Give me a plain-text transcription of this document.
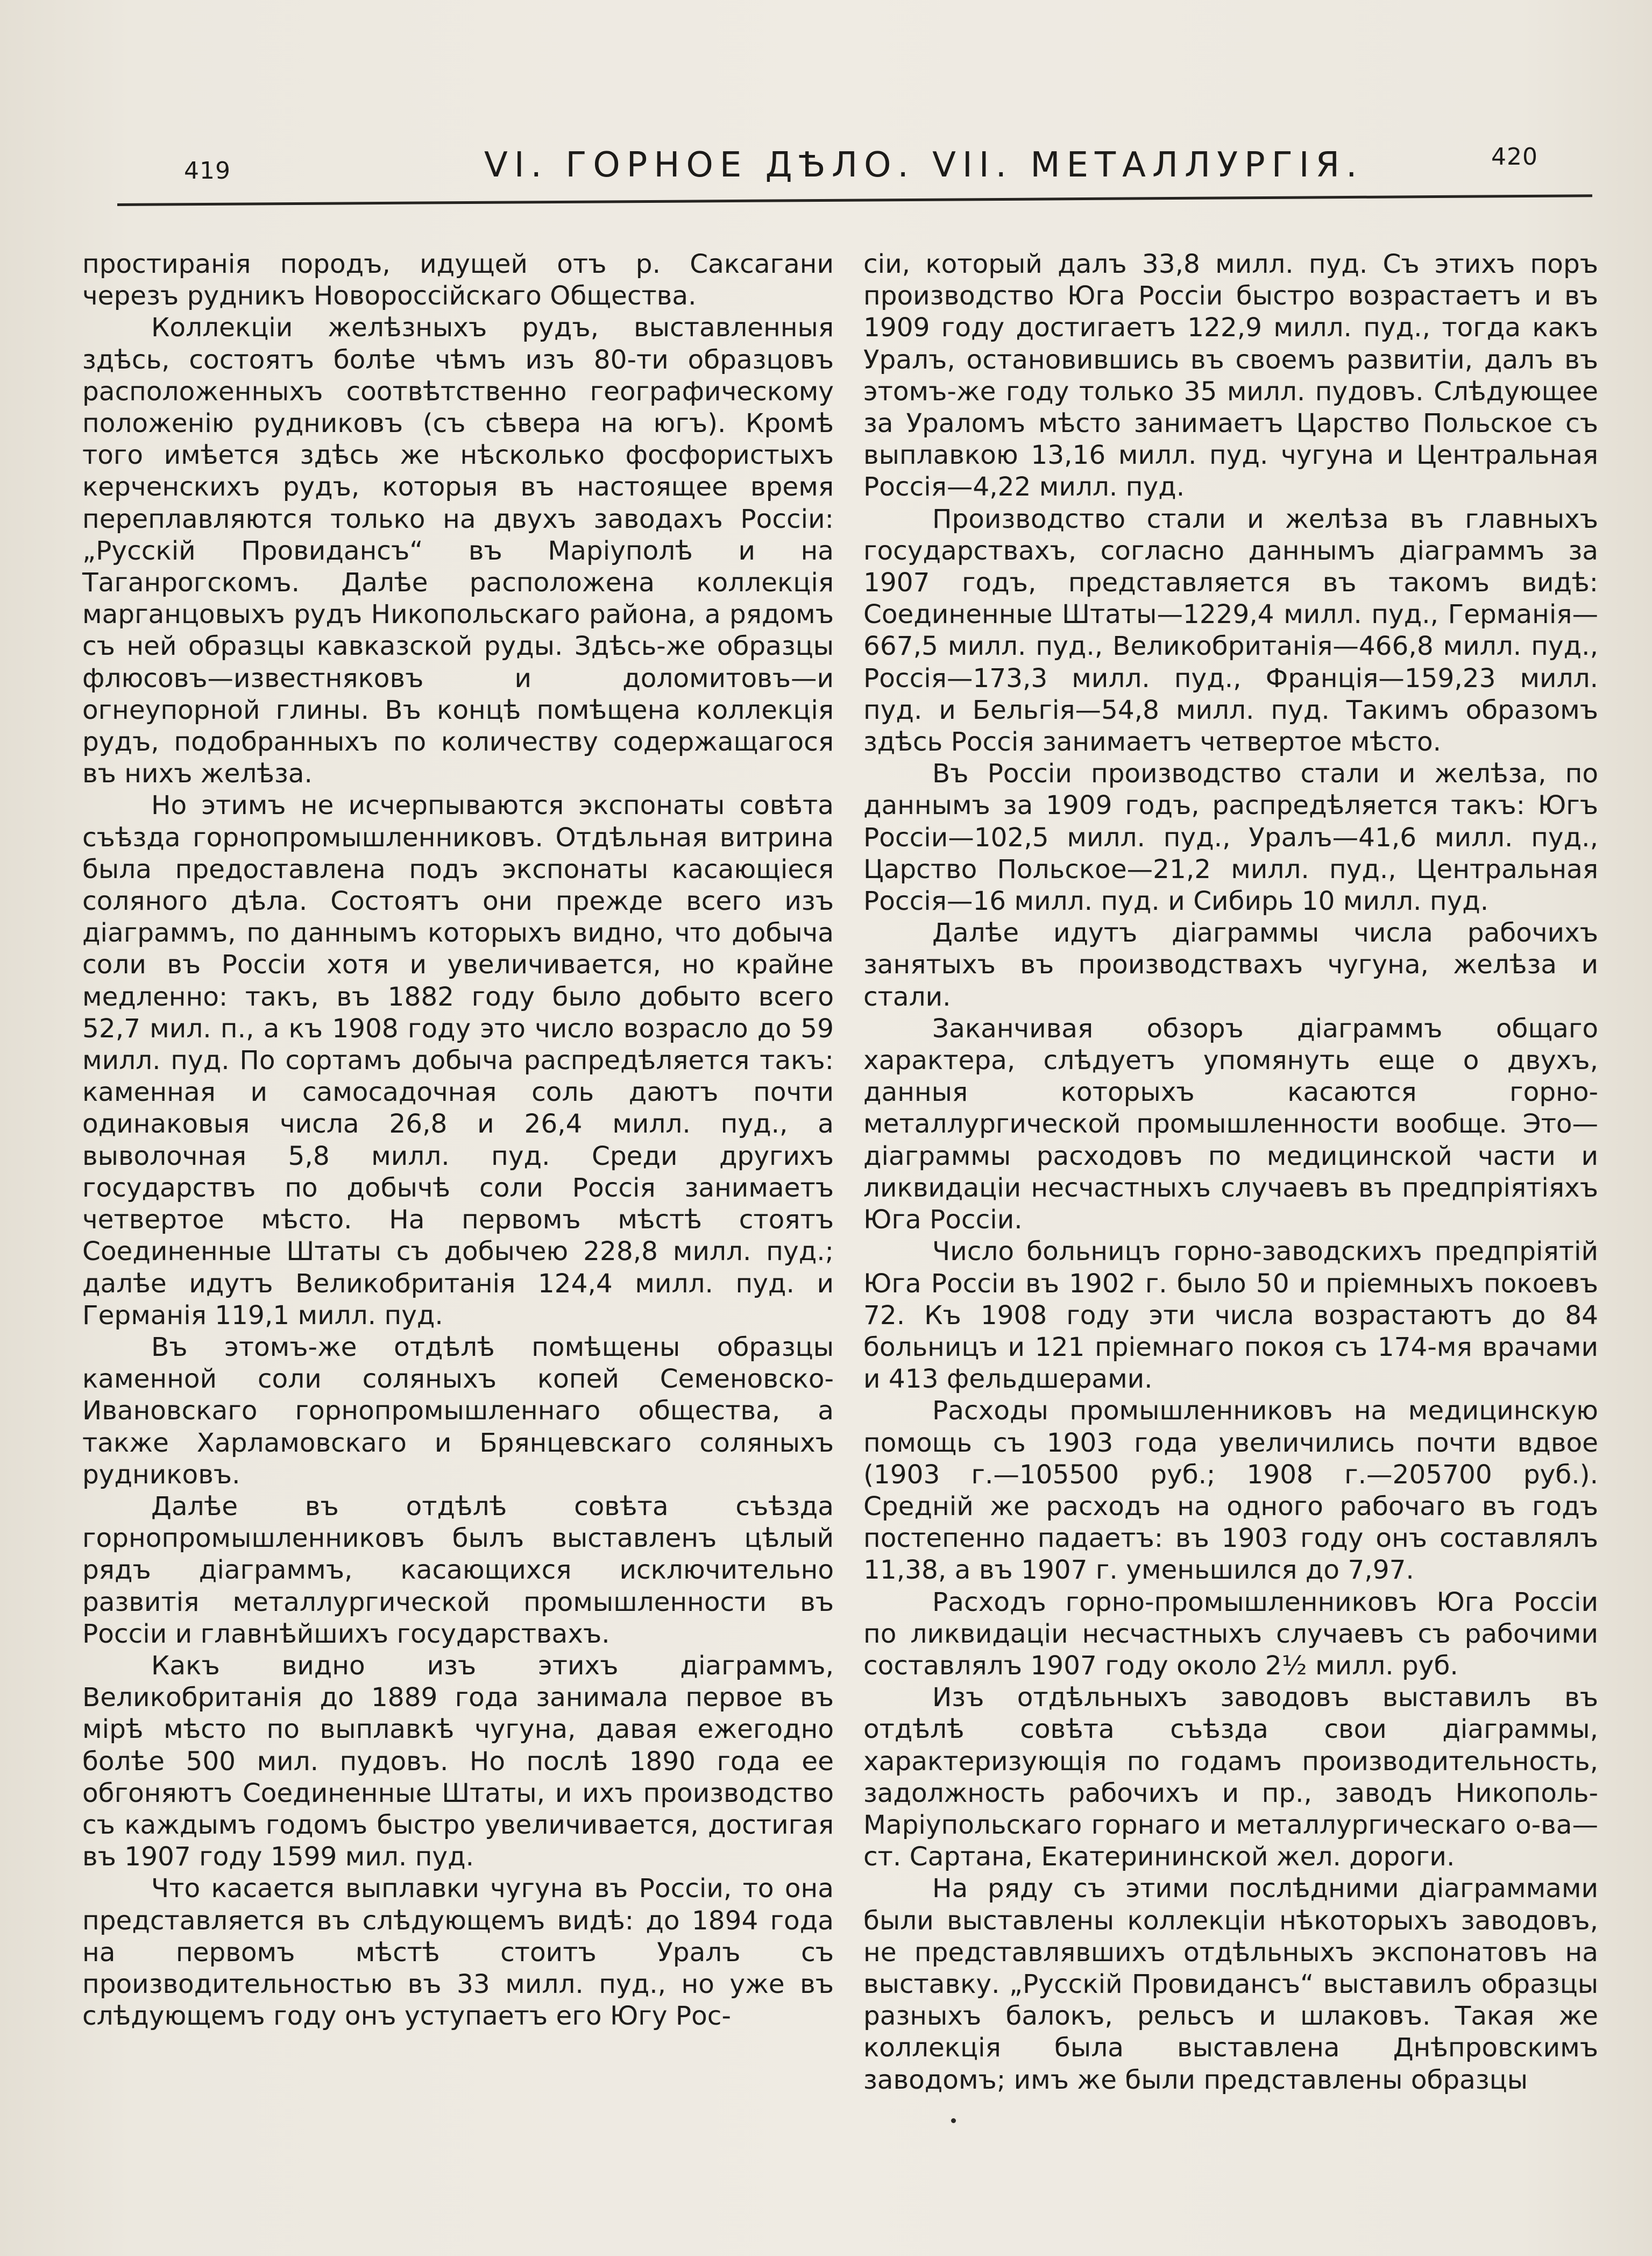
419	VI. ГОРНОЕ ДѢЛО. VII. МЕТАЛЛУРГІЯ.	420

простиранія породъ, идущей отъ р. Саксагани черезъ рудникъ Новороссійскаго Общества.

Коллекціи желѣзныхъ рудъ, выставленныя здѣсь, состоятъ болѣе чѣмъ изъ 80-ти образцовъ расположенныхъ соотвѣтственно географическому положенію рудниковъ (съ сѣвера на югъ). Кромѣ того имѣется здѣсь же нѣсколько фосфористыхъ керченскихъ рудъ, которыя въ настоящее время переплавляются только на двухъ заводахъ Россіи: „Русскій Провидансъ“ въ Маріуполѣ и на Таганрогскомъ. Далѣе расположена коллекція марганцовыхъ рудъ Никопольскаго района, а рядомъ съ ней образцы кавказской руды. Здѣсь-же образцы флюсовъ—известняковъ и доломитовъ—и огнеупорной глины. Въ концѣ помѣщена коллекція рудъ, подобранныхъ по количеству содержащагося въ нихъ желѣза.

Но этимъ не исчерпываются экспонаты совѣта съѣзда горнопромышленниковъ. Отдѣльная витрина была предоставлена подъ экспонаты касающіеся соляного дѣла. Состоятъ они прежде всего изъ діаграммъ, по даннымъ которыхъ видно, что добыча соли въ Россіи хотя и увеличивается, но крайне медленно: такъ, въ 1882 году было добыто всего 52,7 мил. п., а къ 1908 году это число возрасло до 59 милл. пуд. По сортамъ добыча распредѣляется такъ: каменная и самосадочная соль даютъ почти одинаковыя числа 26,8 и 26,4 милл. пуд., а выволочная 5,8 милл. пуд. Среди другихъ государствъ по добычѣ соли Россія занимаетъ четвертое мѣсто. На первомъ мѣстѣ стоятъ Соединенные Штаты съ добычею 228,8 милл. пуд.; далѣе идутъ Великобританія 124,4 милл. пуд. и Германія 119,1 милл. пуд.

Въ этомъ-же отдѣлѣ помѣщены образцы каменной соли соляныхъ копей Семеновско-Ивановскаго горнопромышленнаго общества, а также Харламовскаго и Брянцевскаго соляныхъ рудниковъ.

Далѣе въ отдѣлѣ совѣта съѣзда горнопромышленниковъ былъ выставленъ цѣлый рядъ діаграммъ, касающихся исключительно развитія металлургической промышленности въ Россіи и главнѣйшихъ государствахъ.

Какъ видно изъ этихъ діаграммъ, Великобританія до 1889 года занимала первое въ мірѣ мѣсто по выплавкѣ чугуна, давая ежегодно болѣе 500 мил. пудовъ. Но послѣ 1890 года ее обгоняютъ Соединенные Штаты, и ихъ производство съ каждымъ годомъ быстро увеличивается, достигая въ 1907 году 1599 мил. пуд.

Что касается выплавки чугуна въ Россіи, то она представляется въ слѣдующемъ видѣ: до 1894 года на первомъ мѣстѣ стоитъ Уралъ съ производительностью въ 33 милл. пуд., но уже въ слѣдующемъ году онъ уступаетъ его Югу Рос-

сіи, который далъ 33,8 милл. пуд. Съ этихъ поръ производство Юга Россіи быстро возрастаетъ и въ 1909 году достигаетъ 122,9 милл. пуд., тогда какъ Уралъ, остановившись въ своемъ развитіи, далъ въ этомъ-же году только 35 милл. пудовъ. Слѣдующее за Ураломъ мѣсто занимаетъ Царство Польское съ выплавкою 13,16 милл. пуд. чугуна и Центральная Россія—4,22 милл. пуд.

Производство стали и желѣза въ главныхъ государствахъ, согласно даннымъ діаграммъ за 1907 годъ, представляется въ такомъ видѣ: Соединенные Штаты—1229,4 милл. пуд., Германія—667,5 милл. пуд., Великобританія—466,8 милл. пуд., Россія—173,3 милл. пуд., Франція—159,23 милл. пуд. и Бельгія—54,8 милл. пуд. Такимъ образомъ здѣсь Россія занимаетъ четвертое мѣсто.

Въ Россіи производство стали и желѣза, по даннымъ за 1909 годъ, распредѣляется такъ: Югъ Россіи—102,5 милл. пуд., Уралъ—41,6 милл. пуд., Царство Польское—21,2 милл. пуд., Центральная Россія—16 милл. пуд. и Сибирь 10 милл. пуд.

Далѣе идутъ діаграммы числа рабочихъ занятыхъ въ производствахъ чугуна, желѣза и стали.

Заканчивая обзоръ діаграммъ общаго характера, слѣдуетъ упомянуть еще о двухъ, данныя которыхъ касаются горно-металлургической промышленности вообще. Это—діаграммы расходовъ по медицинской части и ликвидаціи несчастныхъ случаевъ въ предпріятіяхъ Юга Россіи.

Число больницъ горно-заводскихъ предпріятій Юга Россіи въ 1902 г. было 50 и пріемныхъ покоевъ 72. Къ 1908 году эти числа возрастаютъ до 84 больницъ и 121 пріемнаго покоя съ 174-мя врачами и 413 фельдшерами.

Расходы промышленниковъ на медицинскую помощь съ 1903 года увеличились почти вдвое (1903 г.—105500 руб.; 1908 г.—205700 руб.). Средній же расходъ на одного рабочаго въ годъ постепенно падаетъ: въ 1903 году онъ составлялъ 11,38, а въ 1907 г. уменьшился до 7,97.

Расходъ горно-промышленниковъ Юга Россіи по ликвидаціи несчастныхъ случаевъ съ рабочими составлялъ 1907 году около 2½ милл. руб.

Изъ отдѣльныхъ заводовъ выставилъ въ отдѣлѣ совѣта съѣзда свои діаграммы, характеризующія по годамъ производительность, задолжность рабочихъ и пр., заводъ Никополь-Маріупольскаго горнаго и металлургическаго о-ва—ст. Сартана, Екатерининской жел. дороги.

На ряду съ этими послѣдними діаграммами были выставлены коллекціи нѣкоторыхъ заводовъ, не представлявшихъ отдѣльныхъ экспонатовъ на выставку. „Русскій Провидансъ“ выставилъ образцы разныхъ балокъ, рельсъ и шлаковъ. Такая же коллекція была выставлена Днѣпровскимъ заводомъ; имъ же были представлены образцы
